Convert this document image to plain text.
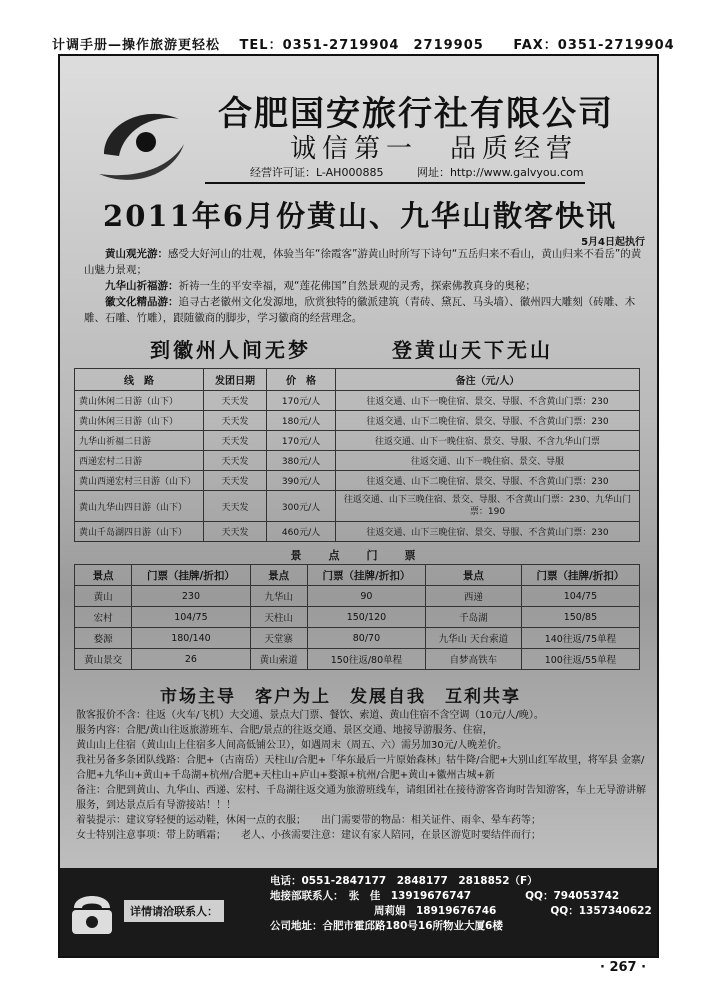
计调手册—操作旅游更轻松 TEL：0351-2719904　2719905 FAX：0351-2719904
合肥国安旅行社有限公司
诚信第一　品质经营
经营许可证：L-AH000885	网址：http://www.galvyou.com
2011年6月份黄山、九华山散客快讯
5月4日起执行

　　黄山观光游：感受大好河山的壮观，体验当年“徐霞客”游黄山时所写下诗句“五岳归来不看山，黄山归来不看岳”的黄山魅力景观；

　　九华山祈福游：祈祷一生的平安幸福，观“莲花佛国”自然景观的灵秀，探索佛教真身的奥秘；

　　徽文化精品游：追寻古老徽州文化发源地，欣赏独特的徽派建筑（青砖、黛瓦、马头墙）、徽州四大雕刻（砖雕、木雕、石雕、竹雕），跟随徽商的脚步，学习徽商的经营理念。

到徽州人间无梦	登黄山天下无山
线　路	发团日期	价　格	备注（元/人）
黄山休闲二日游（山下）	天天发	170元/人	往返交通、山下一晚住宿、景交、导服、不含黄山门票：230
黄山休闲三日游（山下）	天天发	180元/人	往返交通、山下二晚住宿、景交、导服、不含黄山门票：230
九华山祈福二日游	天天发	170元/人	往返交通、山下一晚住宿、景交、导服、不含九华山门票
西递宏村二日游	天天发	380元/人	往返交通、山下一晚住宿、景交、导服
黄山西递宏村三日游（山下）	天天发	390元/人	往返交通、山下二晚住宿、景交、导服、不含黄山门票：230
黄山九华山四日游（山下）	天天发	300元/人	往返交通、山下三晚住宿、景交、导服、不含黄山门票：230、九华山门票：190
黄山千岛湖四日游（山下）	天天发	460元/人	往返交通、山下三晚住宿、景交、导服、不含黄山门票：230
景　点　门　票
景点	门票（挂牌/折扣）	景点	门票（挂牌/折扣）	景点	门票（挂牌/折扣）
黄山	230	九华山	90	西递	104/75
宏村	104/75	天柱山	150/120	千岛湖	150/85
婺源	180/140	天堂寨	80/70	九华山 天台索道	140往返/75单程
黄山景交	26	黄山索道	150往返/80单程	自梦高铁车	100往返/55单程
市场主导　客户为上　发展自我　互利共享

散客报价不含：往返（火车/飞机）大交通、景点大门票、餐饮、索道、黄山住宿不含空调（10元/人/晚）。

服务内容：合肥/黄山往返旅游班车、合肥/景点的往返交通、景区交通、地接导游服务、住宿，

黄山山上住宿（黄山山上住宿多人间高低铺公卫），如遇周末（周五、六）需另加30元/人晚差价。

我社另备多条团队线路：合肥+（古南岳）天柱山/合肥+「华东最后一片原始森林」牯牛降/合肥+大别山红军故里，将军县 金寨/合肥+九华山+黄山+千岛湖+杭州/合肥+天柱山+庐山+婺源+杭州/合肥+黄山+徽州古城+新

备注：合肥到黄山、九华山、西递、宏村、千岛湖往返交通为旅游班线车，请组团社在接待游客咨询时告知游客，车上无导游讲解服务，到达景点后有导游接站！！！

着装提示：建议穿轻便的运动鞋，休闲一点的衣服；　　出门需要带的物品：相关证件、雨伞、晕车药等；

女士特别注意事项：带上防晒霜；　　老人、小孩需要注意：建议有家人陪同，在景区游览时要结伴而行；

详情请洽联系人：

电话：0551-2847177　2848177　2818852（F）

地接部联系人：　张　佳　13919676747	QQ：794053742

周莉娟　18919676746	QQ：1357340622

公司地址：合肥市霍邱路180号16所物业大厦6楼

· 267 ·
